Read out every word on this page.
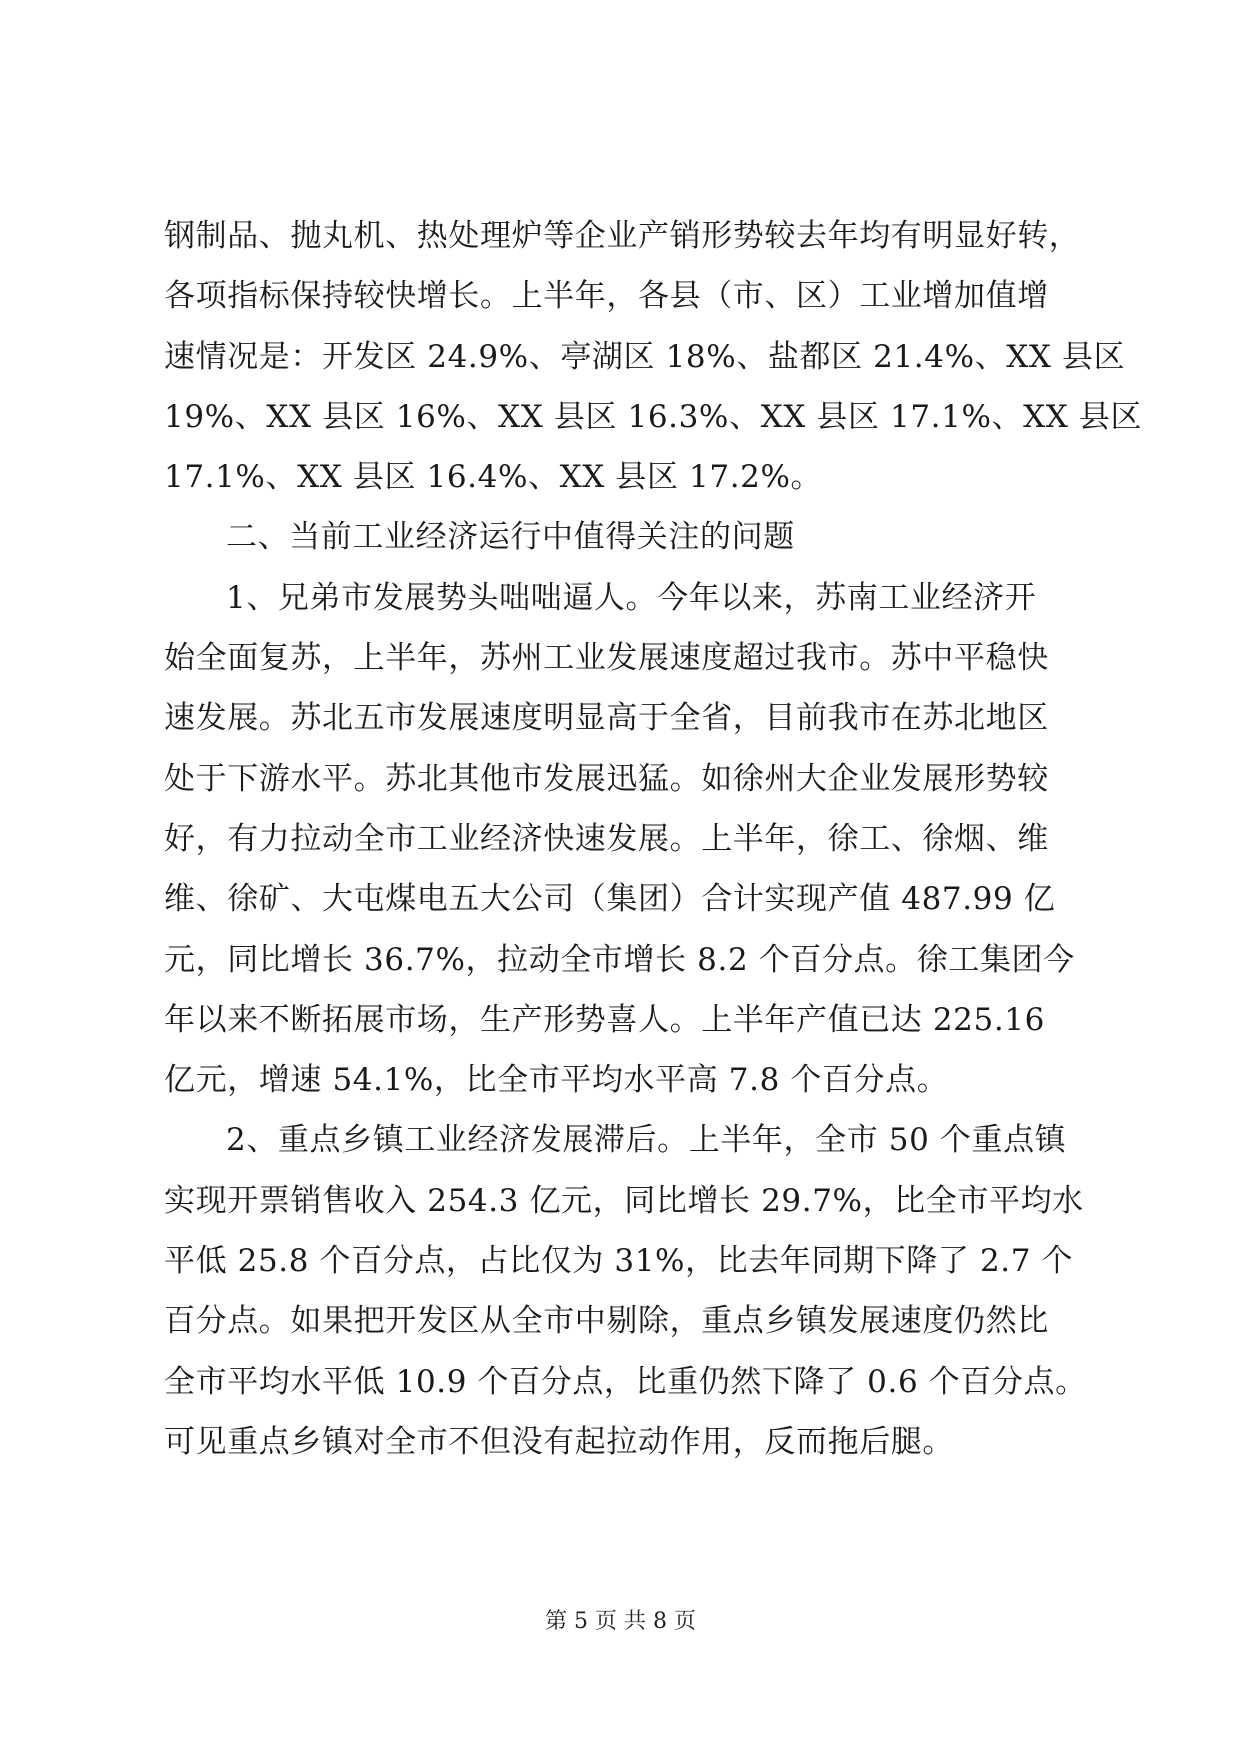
钢制品、抛丸机、热处理炉等企业产销形势较去年均有明显好转，
各项指标保持较快增长。上半年，各县（市、区）工业增加值增
速情况是：开发区 24.9%、亭湖区 18%、盐都区 21.4%、XX 县区
19%、XX 县区 16%、XX 县区 16.3%、XX 县区 17.1%、XX 县区
17.1%、XX 县区 16.4%、XX 县区 17.2%。
二、当前工业经济运行中值得关注的问题
1、兄弟市发展势头咄咄逼人。今年以来，苏南工业经济开
始全面复苏，上半年，苏州工业发展速度超过我市。苏中平稳快
速发展。苏北五市发展速度明显高于全省，目前我市在苏北地区
处于下游水平。苏北其他市发展迅猛。如徐州大企业发展形势较
好，有力拉动全市工业经济快速发展。上半年，徐工、徐烟、维
维、徐矿、大屯煤电五大公司（集团）合计实现产值 487.99 亿
元，同比增长 36.7%，拉动全市增长 8.2 个百分点。徐工集团今
年以来不断拓展市场，生产形势喜人。上半年产值已达 225.16
亿元，增速 54.1%，比全市平均水平高 7.8 个百分点。
2、重点乡镇工业经济发展滞后。上半年，全市 50 个重点镇
实现开票销售收入 254.3 亿元，同比增长 29.7%，比全市平均水
平低 25.8 个百分点，占比仅为 31%，比去年同期下降了 2.7 个
百分点。如果把开发区从全市中剔除，重点乡镇发展速度仍然比
全市平均水平低 10.9 个百分点，比重仍然下降了 0.6 个百分点。
可见重点乡镇对全市不但没有起拉动作用，反而拖后腿。
第 5 页 共 8 页
